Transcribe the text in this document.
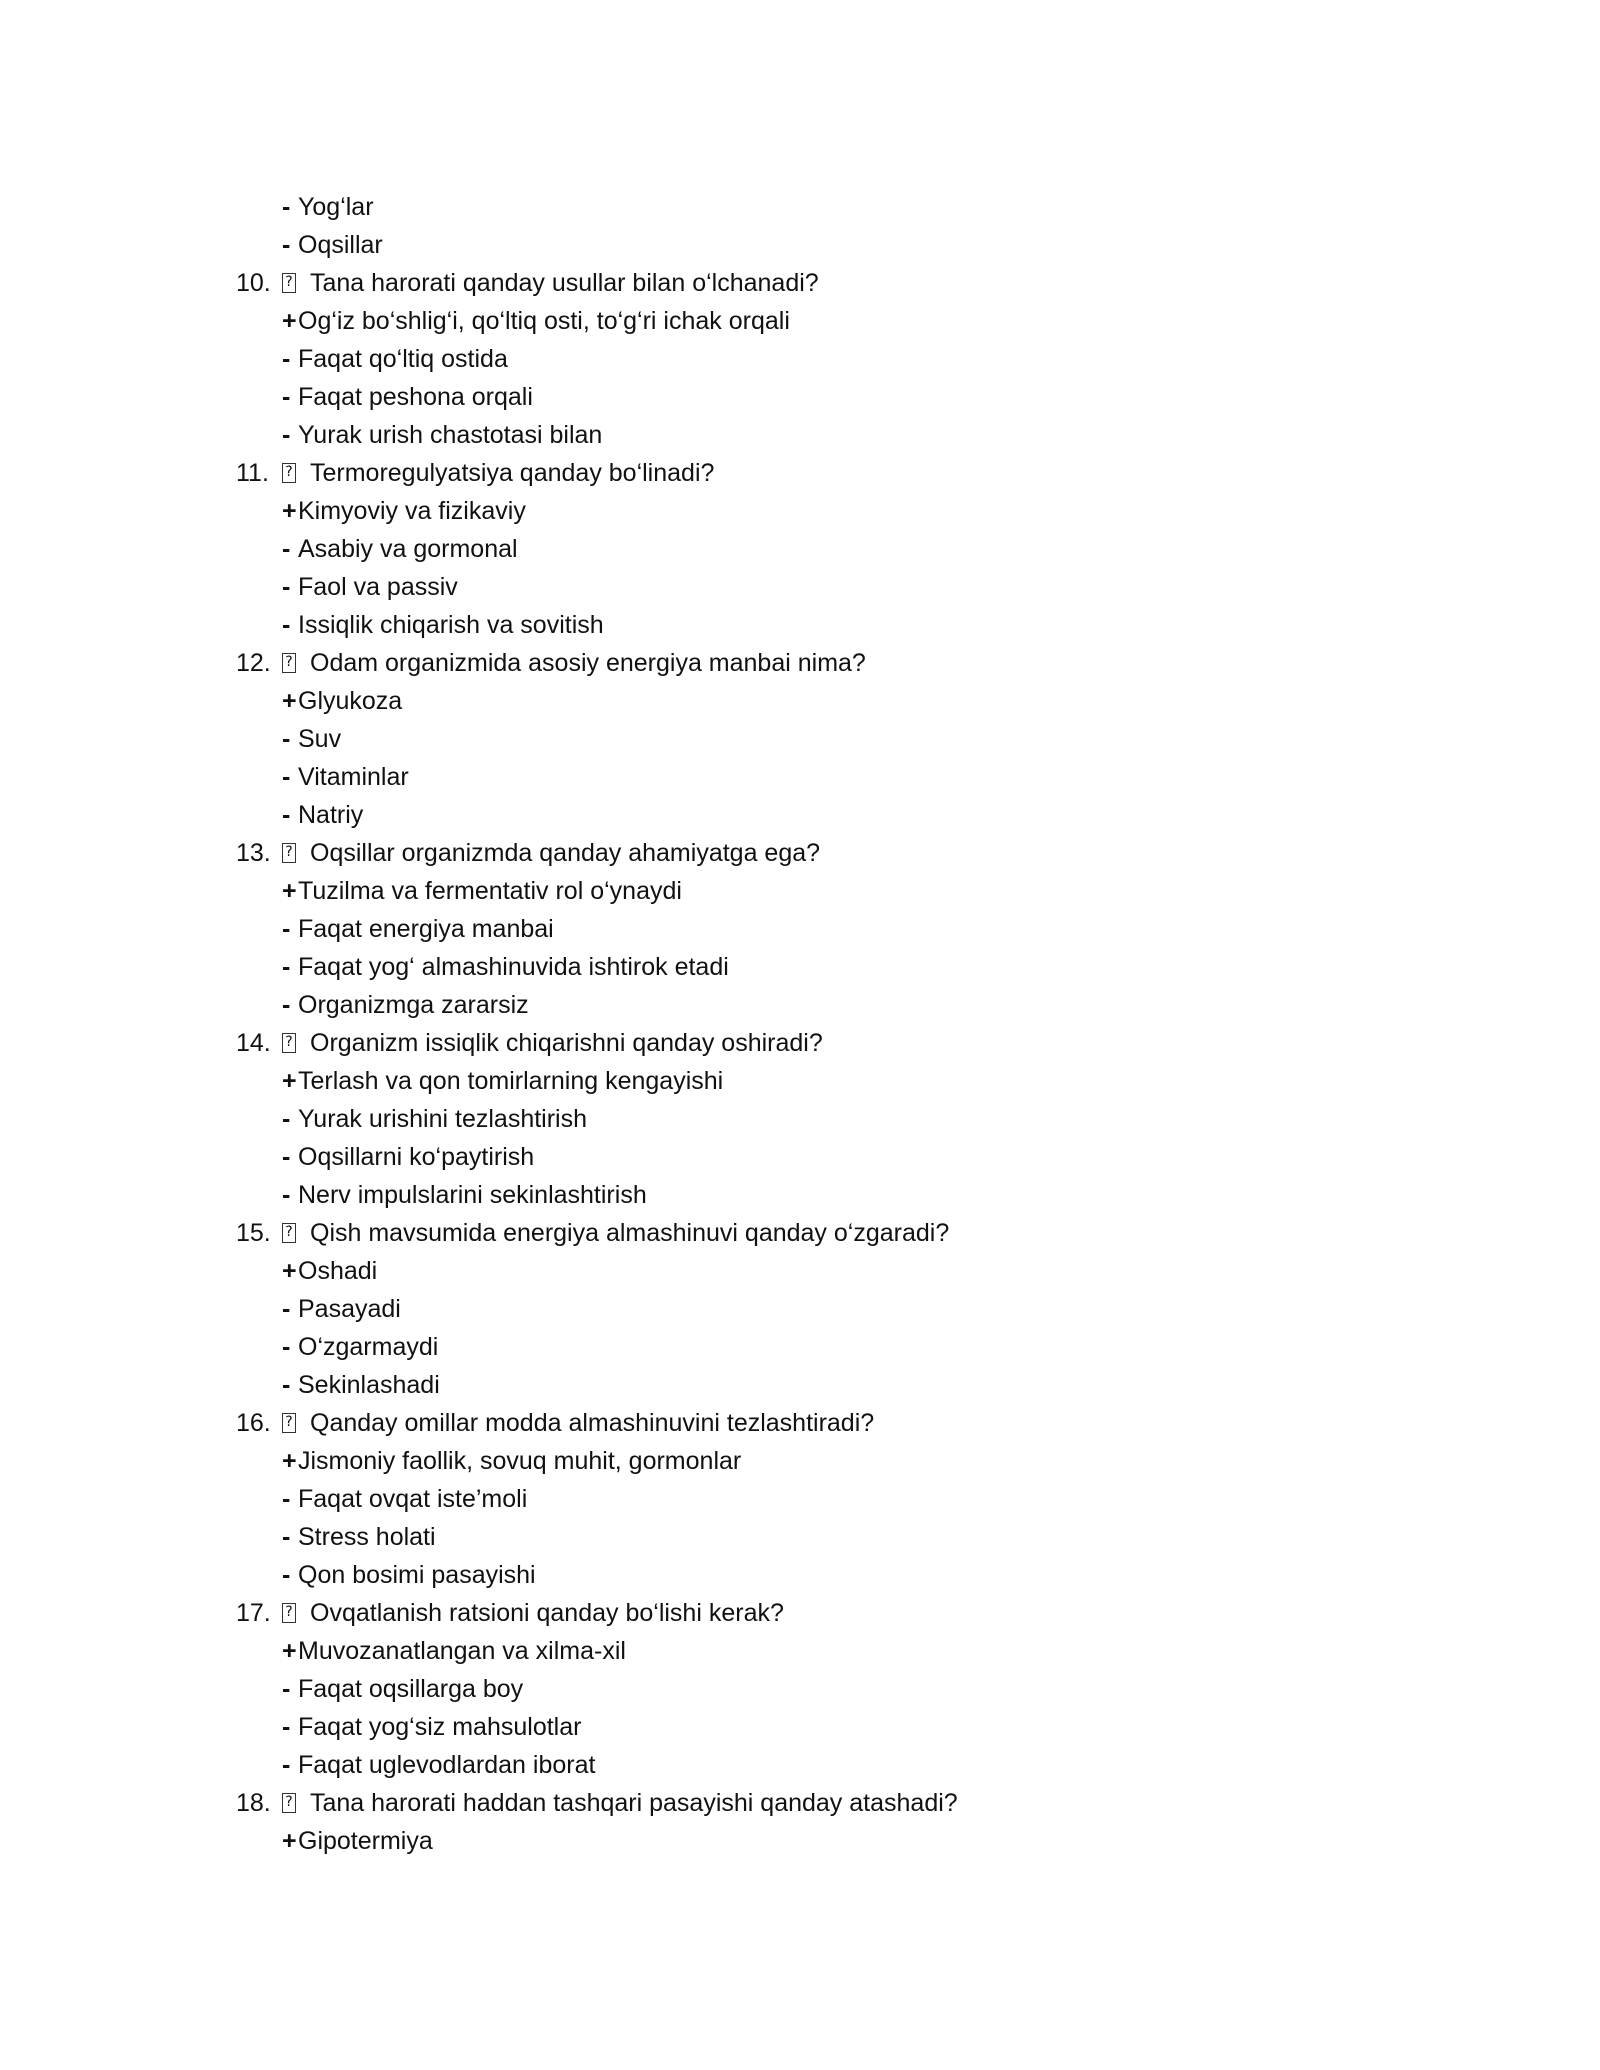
- Yog‘lar
- Oqsillar
10.	? Tana harorati qanday usullar bilan o‘lchanadi?
+Og‘iz bo‘shlig‘i, qo‘ltiq osti, to‘g‘ri ichak orqali
- Faqat qo‘ltiq ostida
- Faqat peshona orqali
- Yurak urish chastotasi bilan
11.	? Termoregulyatsiya qanday bo‘linadi?
+Kimyoviy va fizikaviy
- Asabiy va gormonal
- Faol va passiv
- Issiqlik chiqarish va sovitish
12.	? Odam organizmida asosiy energiya manbai nima?
+Glyukoza
- Suv
- Vitaminlar
- Natriy
13.	? Oqsillar organizmda qanday ahamiyatga ega?
+Tuzilma va fermentativ rol o‘ynaydi
- Faqat energiya manbai
- Faqat yog‘ almashinuvida ishtirok etadi
- Organizmga zararsiz
14.	? Organizm issiqlik chiqarishni qanday oshiradi?
+Terlash va qon tomirlarning kengayishi
- Yurak urishini tezlashtirish
- Oqsillarni ko‘paytirish
- Nerv impulslarini sekinlashtirish
15.	? Qish mavsumida energiya almashinuvi qanday o‘zgaradi?
+Oshadi
- Pasayadi
- O‘zgarmaydi
- Sekinlashadi
16.	? Qanday omillar modda almashinuvini tezlashtiradi?
+Jismoniy faollik, sovuq muhit, gormonlar
- Faqat ovqat iste’moli
- Stress holati
- Qon bosimi pasayishi
17.	? Ovqatlanish ratsioni qanday bo‘lishi kerak?
+Muvozanatlangan va xilma-xil
- Faqat oqsillarga boy
- Faqat yog‘siz mahsulotlar
- Faqat uglevodlardan iborat
18.	? Tana harorati haddan tashqari pasayishi qanday atashadi?
+Gipotermiya
